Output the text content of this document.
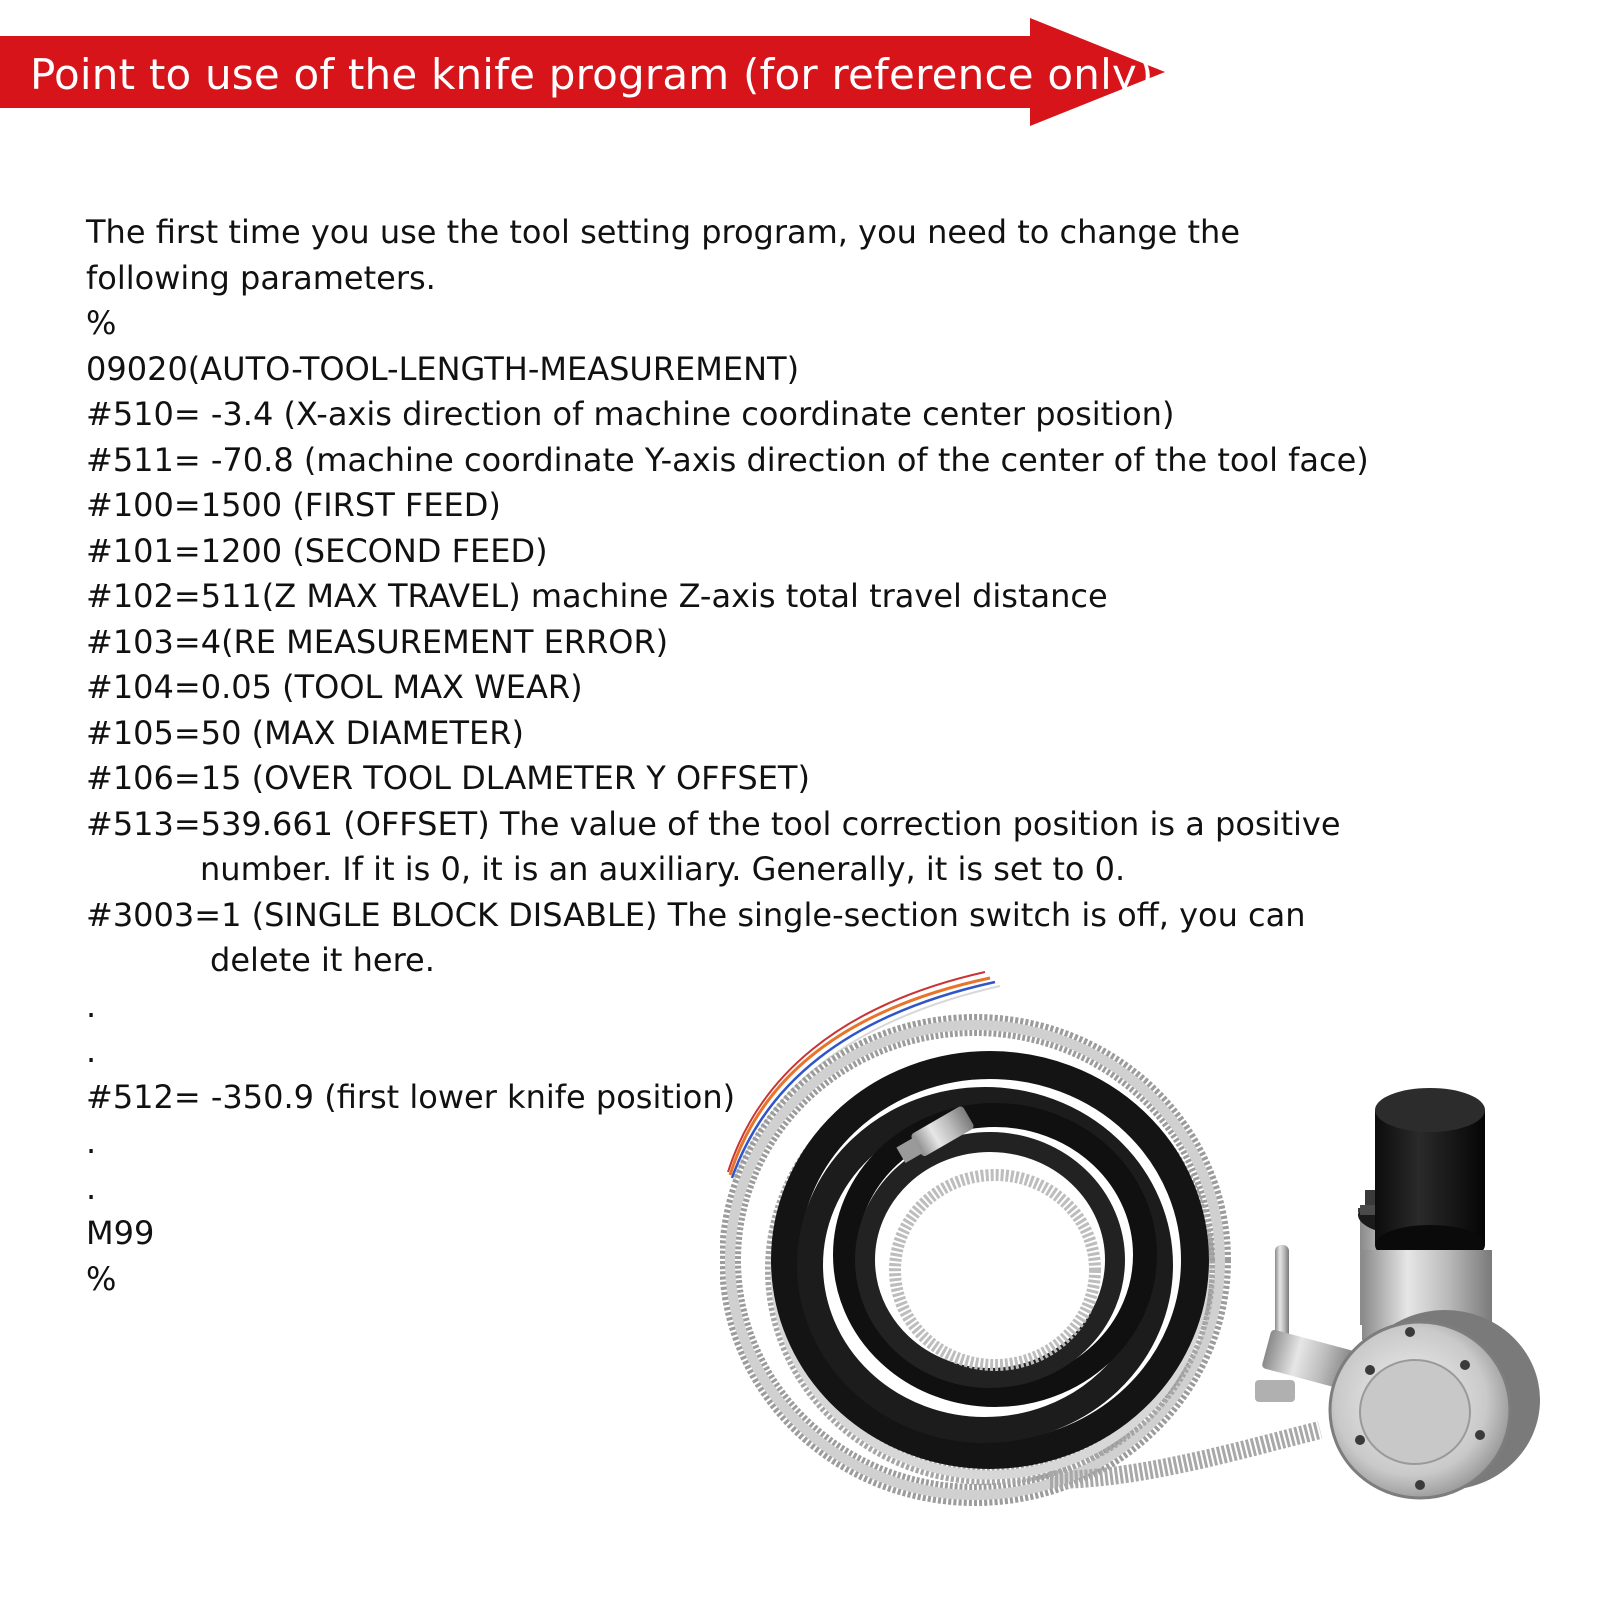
Point to use of the knife program (for reference only)
The first time you use the tool setting program, you need to change the
following parameters.
%
09020(AUTO-TOOL-LENGTH-MEASUREMENT)
#510= -3.4 (X-axis direction of machine coordinate center position)
#511= -70.8 (machine coordinate Y-axis direction of the center of the tool face)
#100=1500 (FIRST FEED)
#101=1200 (SECOND FEED)
#102=511(Z MAX TRAVEL) machine Z-axis total travel distance
#103=4(RE MEASUREMENT ERROR)
#104=0.05 (TOOL MAX WEAR)
#105=50 (MAX DIAMETER)
#106=15 (OVER TOOL DLAMETER Y OFFSET)
#513=539.661 (OFFSET) The value of the tool correction position is a positive
number. If it is 0, it is an auxiliary. Generally, it is set to 0.
#3003=1 (SINGLE BLOCK DISABLE) The single-section switch is off, you can
delete it here.
.
.
#512= -350.9 (first lower knife position)
.
.
M99
%
